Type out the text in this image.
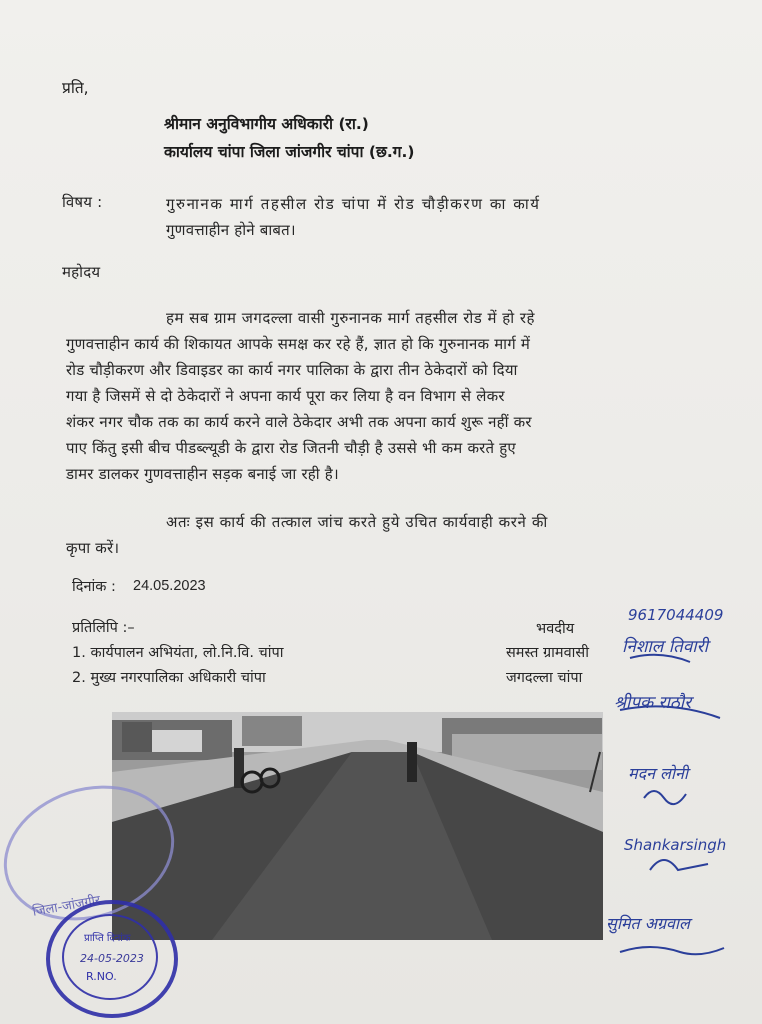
प्रति,
श्रीमान अनुविभागीय अधिकारी (रा.)
कार्यालय चांपा जिला जांजगीर चांपा (छ.ग.)
विषय :	गुरुनानक मार्ग तहसील रोड चांपा में रोड चौड़ीकरण का कार्य
गुणवत्ताहीन होने बाबत।
महोदय
हम सब ग्राम जगदल्ला वासी गुरुनानक मार्ग तहसील रोड में हो रहे
गुणवत्ताहीन कार्य की शिकायत आपके समक्ष कर रहे हैं, ज्ञात हो कि गुरुनानक मार्ग में
रोड चौड़ीकरण और डिवाइडर का कार्य नगर पालिका के द्वारा तीन ठेकेदारों को दिया
गया है जिसमें से दो ठेकेदारों ने अपना कार्य पूरा कर लिया है वन विभाग से लेकर
शंकर नगर चौक तक का कार्य करने वाले ठेकेदार अभी तक अपना कार्य शुरू नहीं कर
पाए किंतु इसी बीच पीडब्ल्यूडी के द्वारा रोड जितनी चौड़ी है उससे भी कम करते हुए
डामर डालकर गुणवत्ताहीन सड़क बनाई जा रही है।
अतः इस कार्य की तत्काल जांच करते हुये उचित कार्यवाही करने की
कृपा करें।
दिनांक : 24.05.2023
प्रतिलिपि :–
1. कार्यपालन अभियंता, लो.नि.वि. चांपा
2. मुख्य नगरपालिका अधिकारी चांपा
भवदीय
समस्त ग्रामवासी
जगदल्ला चांपा
जिला-जांजगीर
प्राप्ति दिनांक
24-05-2023
R.NO.
9617044409
निशाल तिवारी
श्रीपक राठौर
मदन लोनी
Shankarsingh
सुमित अग्रवाल
